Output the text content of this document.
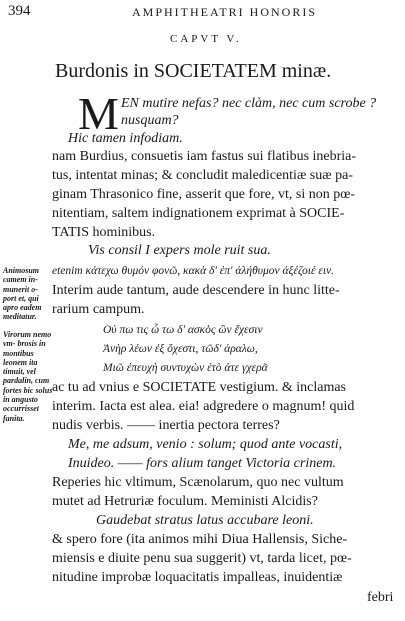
394	AMPHITHEATRI HONORIS
CAPVT V.
Burdonis in SOCIETATEM minæ.
M EN mutire nefas? nec clàm, nec cum scrobe ?
nusquam?
Hic tamen infodiam.
nam Burdius, consuetis iam fastus sui flatibus inebria-
tus, intentat minas; & concludit maledicentiæ suæ pa-
ginam Thrasonico fine, asserit que fore, vt, si non pœ-
nitentiam, saltem indignationem exprimat à SOCIE-
TATIS hominibus.
Vis consil I expers mole ruit sua.
etenim κάτεχω θυμόν φονῶ, κακὰ δ' ἐπ' ἀλήθυμον ἀξέζοιέ ειν.
Interim aude tantum, aude descendere in hunc litte-
rarium campum.
Οὐ πω τις ὦ τω δ' ασκὸς ὢν ἔχεσιν
Ἀνὴρ λέων ἐξ ὄχεστι, τῶδ' ἀραλω,
Μιῶ ἐπευχὴ συντυχὼν ἐτὸ ἀτε γχερᾶ
ac tu ad vnius e SOCIETATE vestigium. & inclamas
interim. Iacta est alea. eia! adgredere o magnum! quid
nudis verbis. —— inertia pectora terres?
Me, me adsum, venio : solum; quod ante vocasti,
Inuideo. —— fors alium tanget Victoria crinem.
Reperies hic vltimum, Scænolarum, quo nec vultum
mutet ad Hetruriæ foculum. Meministi Alcidis?
Gaudebat stratus latus accubare leoni.
& spero fore (ita animos mihi Diua Hallensis, Siche-
miensis e diuite penu sua suggerit) vt, tarda licet, pœ-
nitudine improbæ loquacitatis impalleas, inuidentiæ
febri
Animosum camem in- munerit o- port et, qui apro eadem meditatur.
Virorum nemo vm- brosis in montibus leonem ita timuit, vel pardalin, cum fortes bic solus in angusto occurrisset fanita.
